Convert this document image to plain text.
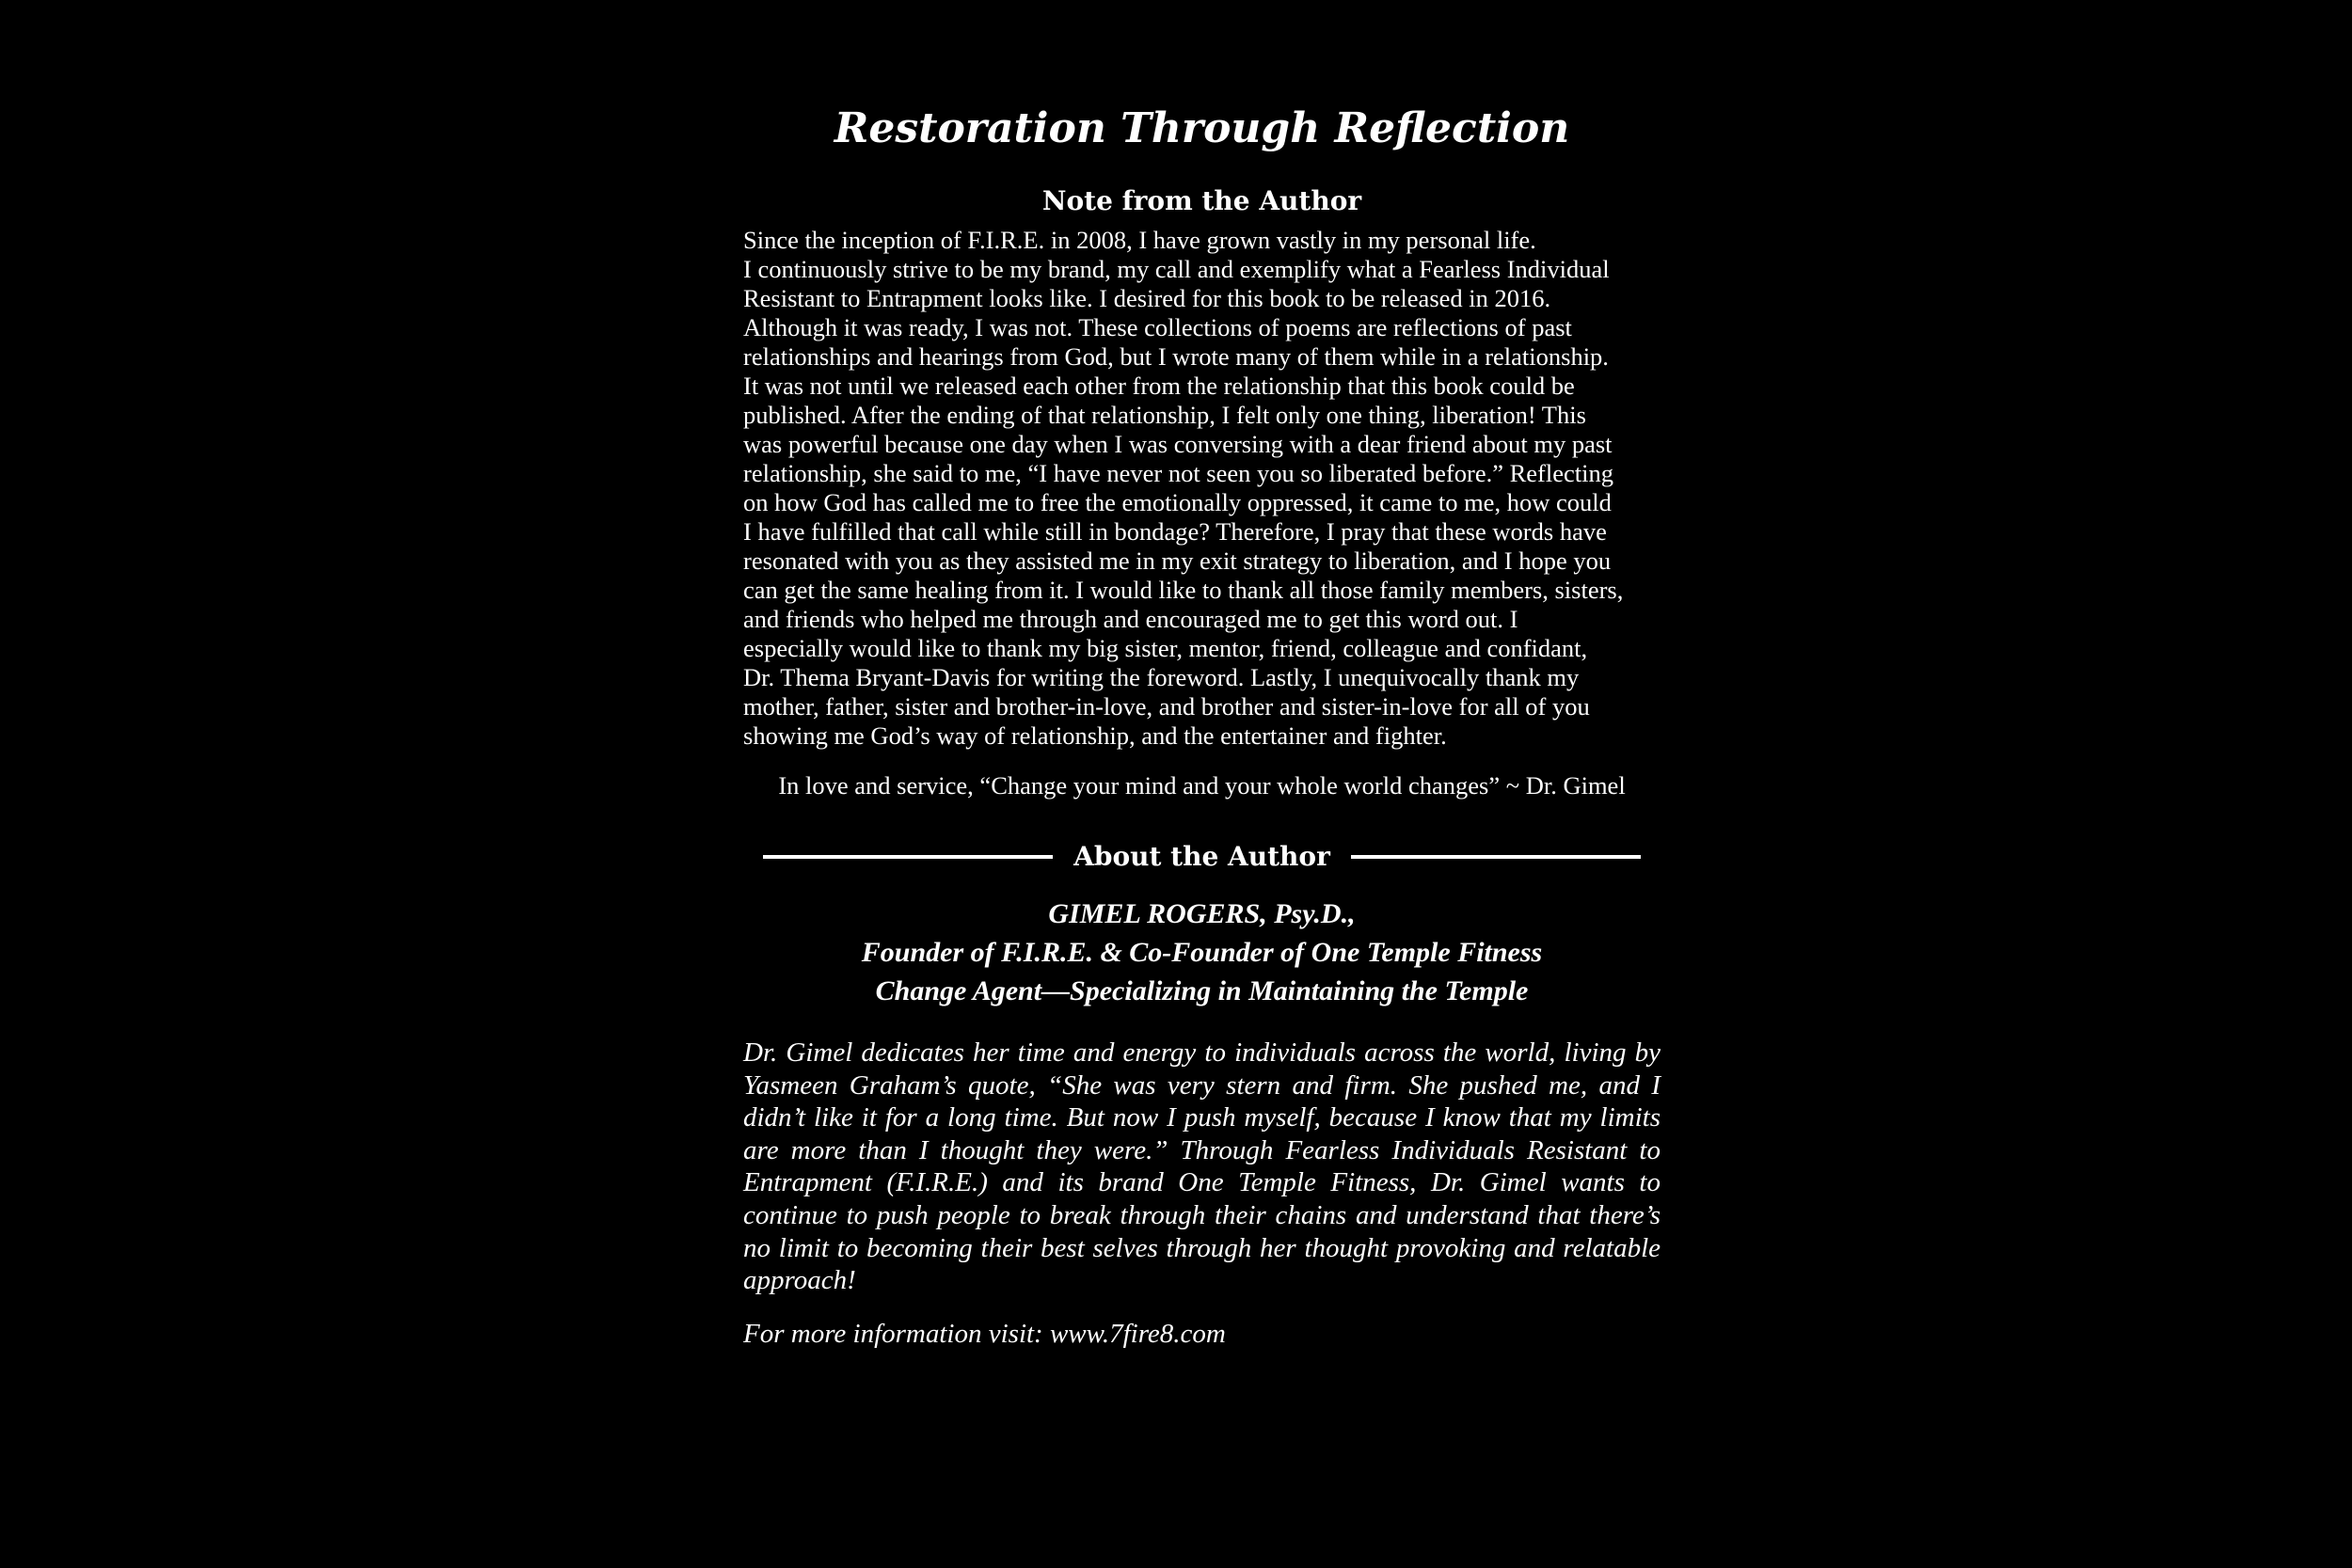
Restoration Through Reflection
Note from the Author

Since the inception of F.I.R.E. in 2008, I have grown vastly in my personal life.
I continuously strive to be my brand, my call and exemplify what a Fearless Individual
Resistant to Entrapment looks like. I desired for this book to be released in 2016.
Although it was ready, I was not. These collections of poems are reflections of past
relationships and hearings from God, but I wrote many of them while in a relationship.
It was not until we released each other from the relationship that this book could be
published. After the ending of that relationship, I felt only one thing, liberation! This
was powerful because one day when I was conversing with a dear friend about my past
relationship, she said to me, “I have never not seen you so liberated before.” Reflecting
on how God has called me to free the emotionally oppressed, it came to me, how could
I have fulfilled that call while still in bondage? Therefore, I pray that these words have
resonated with you as they assisted me in my exit strategy to liberation, and I hope you
can get the same healing from it. I would like to thank all those family members, sisters,
and friends who helped me through and encouraged me to get this word out. I
especially would like to thank my big sister, mentor, friend, colleague and confidant,
Dr. Thema Bryant-Davis for writing the foreword. Lastly, I unequivocally thank my
mother, father, sister and brother-in-love, and brother and sister-in-love for all of you
showing me God’s way of relationship, and the entertainer and fighter.

In love and service, “Change your mind and your whole world changes” ~ Dr. Gimel

About the Author
GIMEL ROGERS, Psy.D.,
Founder of F.I.R.E. & Co-Founder of One Temple Fitness
Change Agent—Specializing in Maintaining the Temple

Dr. Gimel dedicates her time and energy to individuals across the world, living by Yasmeen Graham’s quote, “She was very stern and firm. She pushed me, and I didn’t like it for a long time. But now I push myself, because I know that my limits are more than I thought they were.” Through Fearless Individuals Resistant to Entrapment (F.I.R.E.) and its brand One Temple Fitness, Dr. Gimel wants to continue to push people to break through their chains and understand that there’s no limit to becoming their best selves through her thought provoking and relatable approach!

For more information visit: www.7fire8.com
